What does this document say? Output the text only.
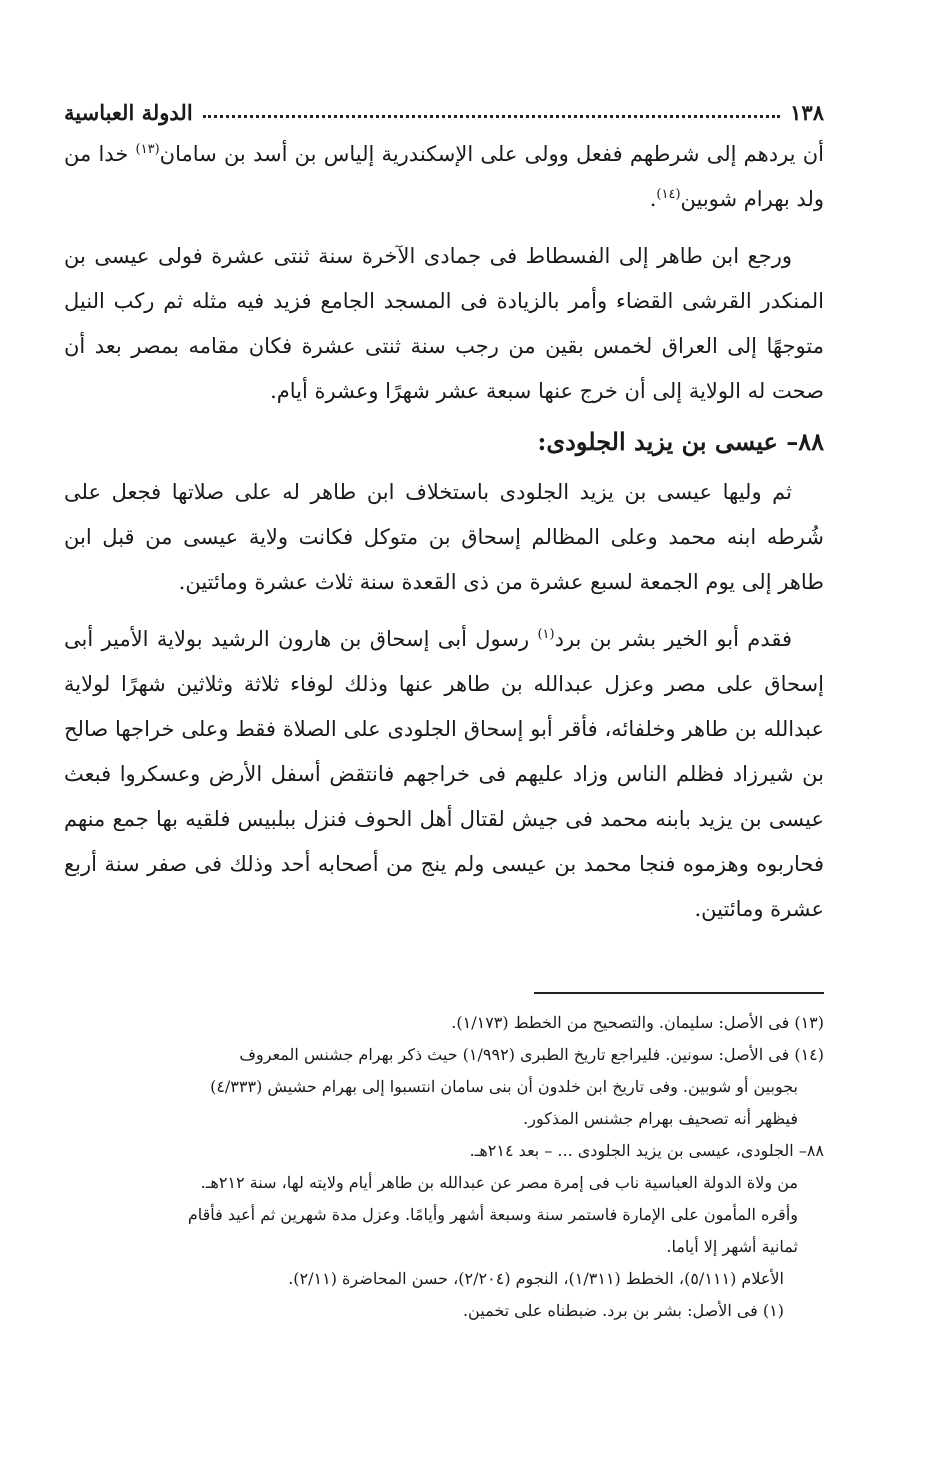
١٣٨
الدولة العباسية

أن يردهم إلى شرطهم ففعل وولى على الإسكندرية إلياس بن أسد بن سامان$^{(١٣)}$ خدا من ولد بهرام شوبين$^{(١٤)}$.

ورجع ابن طاهر إلى الفسطاط فى جمادى الآخرة سنة ثنتى عشرة فولى عيسى بن المنكدر القرشى القضاء وأمر بالزيادة فى المسجد الجامع فزيد فيه مثله ثم ركب النيل متوجهًا إلى العراق لخمس بقين من رجب سنة ثنتى عشرة فكان مقامه بمصر بعد أن صحت له الولاية إلى أن خرج عنها سبعة عشر شهرًا وعشرة أيام.

٨٨– عيسى بن يزيد الجلودى:

ثم وليها عيسى بن يزيد الجلودى باستخلاف ابن طاهر له على صلاتها فجعل على شُرطه ابنه محمد وعلى المظالم إسحاق بن متوكل فكانت ولاية عيسى من قبل ابن طاهر إلى يوم الجمعة لسبع عشرة من ذى القعدة سنة ثلاث عشرة ومائتين.

فقدم أبو الخير بشر بن برد$^{(١)}$ رسول أبى إسحاق بن هارون الرشيد بولاية الأمير أبى إسحاق على مصر وعزل عبدالله بن طاهر عنها وذلك لوفاء ثلاثة وثلاثين شهرًا لولاية عبدالله بن طاهر وخلفائه، فأقر أبو إسحاق الجلودى على الصلاة فقط وعلى خراجها صالح بن شيرزاد فظلم الناس وزاد عليهم فى خراجهم فانتقض أسفل الأرض وعسكروا فبعث عيسى بن يزيد بابنه محمد فى جيش لقتال أهل الحوف فنزل ببلبيس فلقيه بها جمع منهم فحاربوه وهزموه فنجا محمد بن عيسى ولم ينج من أصحابه أحد وذلك فى صفر سنة أربع عشرة ومائتين.

(١٣) فى الأصل: سليمان. والتصحيح من الخطط (١/١٧٣).

(١٤) فى الأصل: سونين. فليراجع تاريخ الطبرى (١/٩٩٢) حيث ذكر بهرام جشنس المعروف

بجوبين أو شوبين. وفى تاريخ ابن خلدون أن بنى سامان انتسبوا إلى بهرام حشيش (٤/٣٣٣)

فيظهر أنه تصحيف بهرام جشنس المذكور.

٨٨– الجلودى، عيسى بن يزيد الجلودى ... – بعد ٢١٤هـ.

من ولاة الدولة العباسية ناب فى إمرة مصر عن عبدالله بن طاهر أيام ولايته لها، سنة ٢١٢هـ.

وأقره المأمون على الإمارة فاستمر سنة وسبعة أشهر وأيامًا. وعزل مدة شهرين ثم أعيد فأقام

ثمانية أشهر إلا أياما.

الأعلام (٥/١١١)، الخطط (١/٣١١)، النجوم (٢/٢٠٤)، حسن المحاضرة (٢/١١).

(١) فى الأصل: بشر بن برد. ضبطناه على تخمين.
